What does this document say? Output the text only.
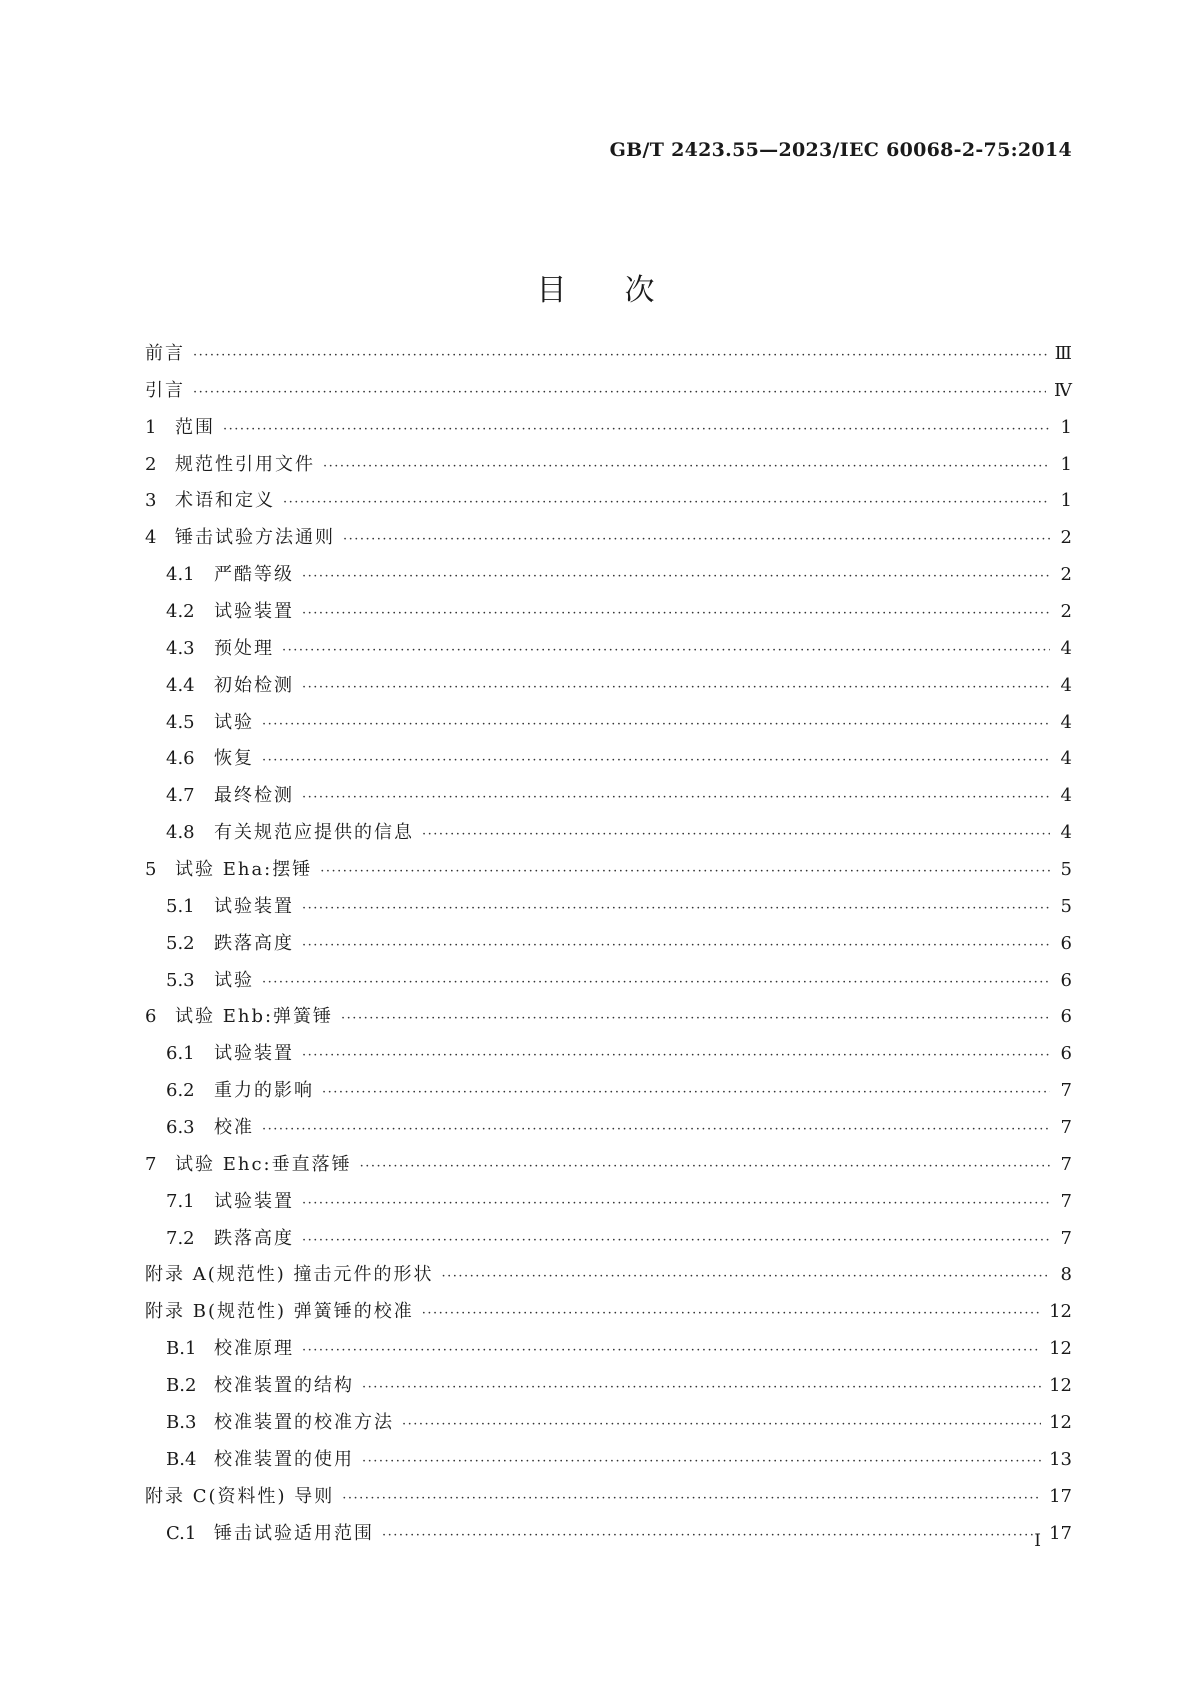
GB/T 2423.55—2023/IEC 60068-2-75:2014
目次
前言 ·····	Ⅲ
引言 ·····	Ⅳ
1	范围 ·····	1
2	规范性引用文件 ·····	1
3	术语和定义 ·····	1
4	锤击试验方法通则 ·····	2
4.1	严酷等级 ·····	2
4.2	试验装置 ·····	2
4.3	预处理 ·····	4
4.4	初始检测 ·····	4
4.5	试验 ·····	4
4.6	恢复 ·····	4
4.7	最终检测 ·····	4
4.8	有关规范应提供的信息 ·····	4
5	试验 Eha:摆锤 ·····	5
5.1	试验装置 ·····	5
5.2	跌落高度 ·····	6
5.3	试验 ·····	6
6	试验 Ehb:弹簧锤 ·····	6
6.1	试验装置 ·····	6
6.2	重力的影响 ·····	7
6.3	校准 ·····	7
7	试验 Ehc:垂直落锤 ·····	7
7.1	试验装置 ·····	7
7.2	跌落高度 ·····	7
附录 A(规范性) 撞击元件的形状 ·····	8
附录 B(规范性) 弹簧锤的校准 ·····	12
B.1 校准原理 ·····	12
B.2 校准装置的结构 ·····	12
B.3 校准装置的校准方法 ·····	12
B.4 校准装置的使用 ·····	13
附录 C(资料性) 导则 ·····	17
C.1 锤击试验适用范围 ·····	17
Ⅰ
